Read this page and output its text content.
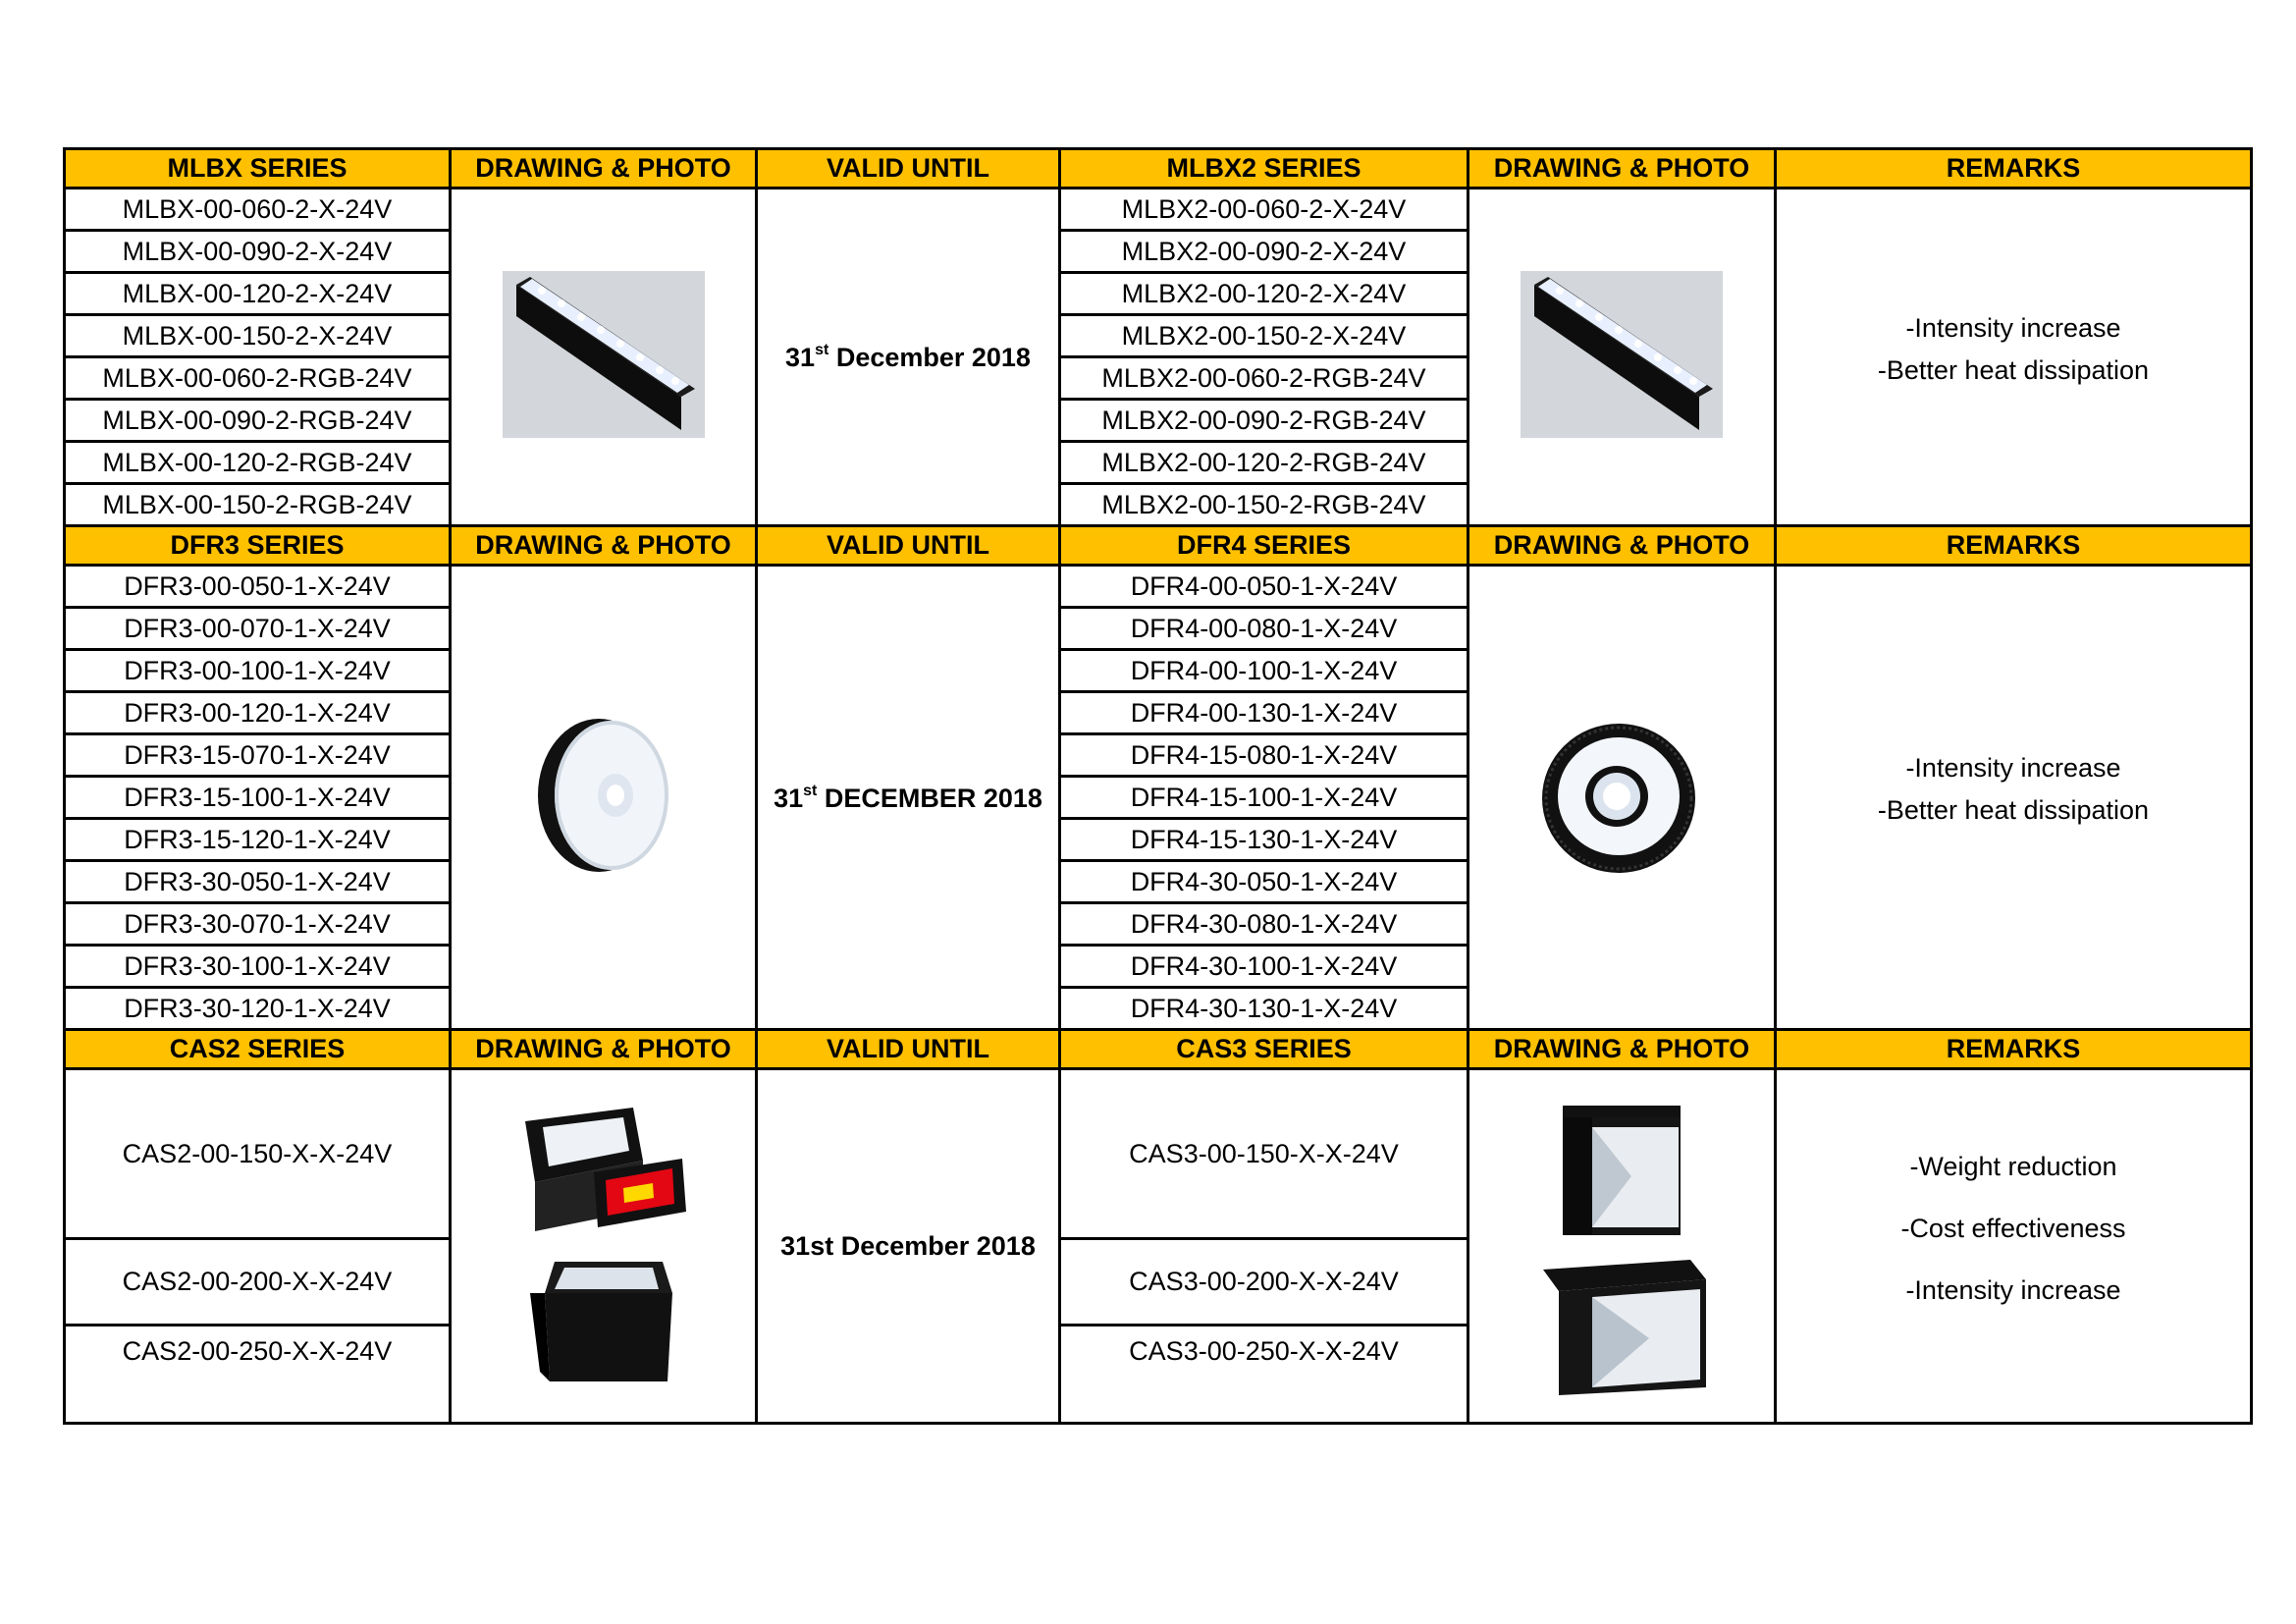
MLBX SERIES	DRAWING & PHOTO	VALID UNTIL	MLBX2 SERIES	DRAWING & PHOTO	REMARKS
MLBX-00-060-2-X-24V		31st December 2018	MLBX2-00-060-2-X-24V		-Intensity increase
-Better heat dissipation

MLBX-00-090-2-X-24V			MLBX2-00-090-2-X-24V		
MLBX-00-120-2-X-24V			MLBX2-00-120-2-X-24V		
MLBX-00-150-2-X-24V			MLBX2-00-150-2-X-24V		
MLBX-00-060-2-RGB-24V			MLBX2-00-060-2-RGB-24V		
MLBX-00-090-2-RGB-24V			MLBX2-00-090-2-RGB-24V		
MLBX-00-120-2-RGB-24V			MLBX2-00-120-2-RGB-24V		
MLBX-00-150-2-RGB-24V			MLBX2-00-150-2-RGB-24V		
DFR3 SERIES	DRAWING & PHOTO	VALID UNTIL	DFR4 SERIES	DRAWING & PHOTO	REMARKS
DFR3-00-050-1-X-24V		31st DECEMBER 2018	DFR4-00-050-1-X-24V		-Intensity increase
-Better heat dissipation

DFR3-00-070-1-X-24V			DFR4-00-080-1-X-24V		
DFR3-00-100-1-X-24V			DFR4-00-100-1-X-24V		
DFR3-00-120-1-X-24V			DFR4-00-130-1-X-24V		
DFR3-15-070-1-X-24V			DFR4-15-080-1-X-24V		
DFR3-15-100-1-X-24V			DFR4-15-100-1-X-24V		
DFR3-15-120-1-X-24V			DFR4-15-130-1-X-24V		
DFR3-30-050-1-X-24V			DFR4-30-050-1-X-24V		
DFR3-30-070-1-X-24V			DFR4-30-080-1-X-24V		
DFR3-30-100-1-X-24V			DFR4-30-100-1-X-24V		
DFR3-30-120-1-X-24V			DFR4-30-130-1-X-24V		
CAS2 SERIES	DRAWING & PHOTO	VALID UNTIL	CAS3 SERIES	DRAWING & PHOTO	REMARKS
CAS2-00-150-X-X-24V		31st December 2018	CAS3-00-150-X-X-24V		-Weight reduction
-Cost effectiveness
-Intensity increase

CAS2-00-200-X-X-24V			CAS3-00-200-X-X-24V		
CAS2-00-250-X-X-24V			CAS3-00-250-X-X-24V		
